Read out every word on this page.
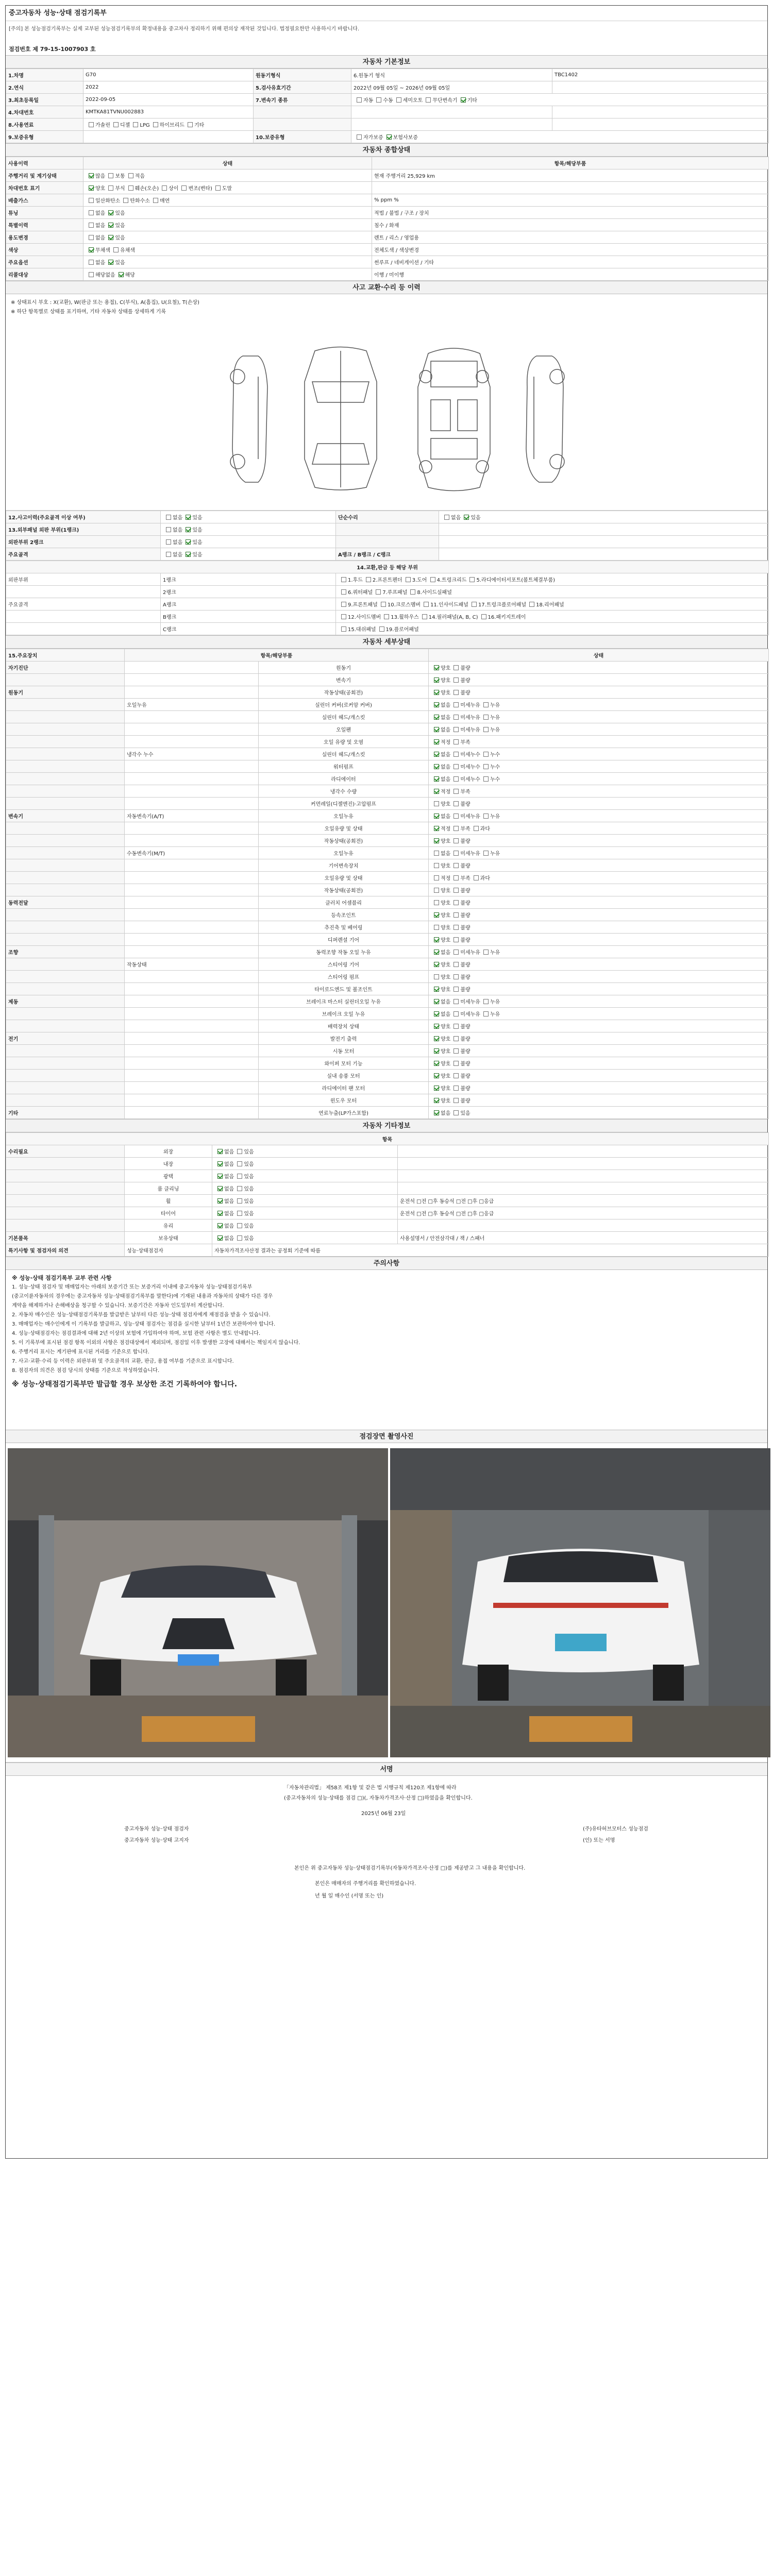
중고자동차 성능·상태 점검기록부
[주의] 본 성능점검기록부는 실제 교부된 성능점검기록부의 확정내용을 중고차사 정리하기 위해 편의상 재작된 것입니다. 법정필요한만 사용하시기 바랍니다.
점검번호 제 79-15-1007903 호
자동차 기본정보
1.차명	G70	원동기형식	6.원동기 형식	TBC1402
2.연식	2022	5.검사유효기간	2022년 09월 05일 ~ 2026년 09월 05일	
3.최초등록일	2022-09-05	7.변속기 종류	자동 수동 세미오토 무단변속기 기타	
4.차대번호	KMTKA81TVNU002883			
8.사용연료	가솔린 디젤 LPG 하이브리드 기타			
9.보증유형		10.보증유형	자가보증 보험사보증	
자동차 종합상태
사용이력	상태	항목/해당부품
주행거리 및 계기상태	많음 보통 적음	현재 주행거리 25,929 km
차대번호 표기	양호 부식 훼손(오손) 상이 변조(변타) 도말	
배출가스	일산화탄소 탄화수소 매연	% ppm %
튜닝	없음 있음	적법 / 불법 / 구조 / 장치
특별이력	없음 있음	침수 / 화재
용도변경	없음 있음	렌트 / 리스 / 영업용
색상	무채색 유채색	전체도색 / 색상변경
주요옵션	없음 있음	썬루프 / 네비게이션 / 기타
리콜대상	해당없음 해당	이행 / 미이행
사고 교환·수리 등 이력
※ 상태표시 부호 : X(교환), W(판금 또는 용접), C(부식), A(흠집), U(요철), T(손상)
※ 하단 항목별로 상태를 표기하며, 기타 자동차 상태를 상세하게 기록
12.사고이력(주요골격 이상 여부)	없음 있음	단순수리	없음 있음
13.외부패널 외판 부위(1랭크)	없음 있음		
외판부위 2랭크	없음 있음		
주요골격	없음 있음	A랭크 / B랭크 / C랭크	
14.교환,판금 등 해당 부위		
외판부위	1랭크	1.후드 2.프론트펜더 3.도어 4.트렁크리드 5.라디에이터서포트(볼트체결부품)
	2랭크	6.쿼터패널 7.루프패널 8.사이드실패널
주요골격	A랭크	9.프론트패널 10.크로스멤버 11.인사이드패널 17.트렁크플로어패널 18.리어패널
	B랭크	12.사이드멤버 13.휠하우스 14.필러패널(A, B, C) 16.패키지트레이
	C랭크	15.대쉬패널 19.플로어패널
자동차 세부상태
15.주요장치	항목/해당부품		상태
자기진단		원동기	양호 불량
		변속기	양호 불량
원동기		작동상태(공회전)	양호 불량
	오일누유	실린더 커버(로커암 커버)	없음 미세누유 누유
		실린더 헤드/개스킷	없음 미세누유 누유
		오일팬	없음 미세누유 누유
		오일 유량 및 오염	적정 부족
	냉각수 누수	실린더 헤드/개스킷	없음 미세누수 누수
		워터펌프	없음 미세누수 누수
		라디에이터	없음 미세누수 누수
		냉각수 수량	적정 부족
		커먼레일(디젤엔진)·고압펌프	양호 불량
변속기	자동변속기(A/T)	오일누유	없음 미세누유 누유
		오일유량 및 상태	적정 부족 과다
		작동상태(공회전)	양호 불량
	수동변속기(M/T)	오일누유	없음 미세누유 누유
		기어변속장치	양호 불량
		오일유량 및 상태	적정 부족 과다
		작동상태(공회전)	양호 불량
동력전달		클러치 어셈블리	양호 불량
		등속조인트	양호 불량
		추진축 및 베어링	양호 불량
		디퍼렌셜 기어	양호 불량
조향		동력조향 작동 오일 누유	없음 미세누유 누유
	작동상태	스티어링 기어	양호 불량
		스티어링 펌프	양호 불량
		타이로드엔드 및 볼조인트	양호 불량
제동		브레이크 마스터 실린더오일 누유	없음 미세누유 누유
		브레이크 오일 누유	없음 미세누유 누유
		배력장치 상태	양호 불량
전기		발전기 출력	양호 불량
		시동 모터	양호 불량
		와이퍼 모터 기능	양호 불량
		실내 송풍 모터	양호 불량
		라디에이터 팬 모터	양호 불량
		윈도우 모터	양호 불량
기타		연료누출(LP가스포함)	없음 있음
자동차 기타정보
항목			
수리필요	외장	없음 있음	
	내장	없음 있음	
	광택	없음 있음	
	룸 클리닝	없음 있음	
	휠	없음 있음	운전석 □전 □후 동승석 □전 □후 □응급
	타이어	없음 있음	운전석 □전 □후 동승석 □전 □후 □응급
	유리	없음 있음	
기본품목	보유상태	없음 있음	사용설명서 / 안전삼각대 / 잭 / 스패너
특기사항 및 점검자의 의견	성능·상태점검자	자동차가격조사산정 결과는 공정회 기준에 따름	
주의사항

※ 성능·상태 점검기록부 교부 관련 사항

1. 성능·상태 점검자 및 매매업자는 아래의 보증기간 또는 보증거리 이내에 중고자동차 성능·상태점검기록부

(중고이륜자동차의 경우에는 중고자동차 성능·상태점검기록부를 말한다)에 기재된 내용과 자동차의 상태가 다른 경우

계약을 해제하거나 손해배상을 청구할 수 있습니다. 보증기간은 자동차 인도일부터 계산합니다.

2. 자동차 매수인은 성능·상태점검기록부를 발급받은 날부터 다른 성능·상태 점검자에게 재점검을 받을 수 있습니다.

3. 매매업자는 매수인에게 이 기록부를 발급하고, 성능·상태 점검자는 점검을 실시한 날부터 1년간 보관하여야 합니다.

4. 성능·상태점검자는 점검결과에 대해 2년 이상의 보험에 가입하여야 하며, 보험 관련 사항은 별도 안내합니다.

5. 이 기록부에 표시된 점검 항목 이외의 사항은 점검대상에서 제외되며, 점검일 이후 발생한 고장에 대해서는 책임지지 않습니다.

6. 주행거리 표시는 계기판에 표시된 거리를 기준으로 합니다.

7. 사고·교환·수리 등 이력은 외판부위 및 주요골격의 교환, 판금, 용접 여부를 기준으로 표시합니다.

8. 점검자의 의견은 점검 당시의 상태를 기준으로 작성하였습니다.

※ 성능·상태점검기록부만 발급할 경우 보상한 조건 기록하여야 합니다.

점검장면 촬영사진
서명
「자동차관리법」 제58조 제1항 및 같은 법 시행규칙 제120조 제1항에 따라
(중고자동차의 성능·상태를 점검 □)(, 자동차가격조사·산정 □)하였음을 확인합니다.
2025년 06월 23일
중고자동차 성능·상태 점검자	(주)유타허브모터스 성능점검
중고자동차 성능·상태 고지자	(인) 또는 서명
본인은 위 중고자동차 성능·상태점검기록부(자동차가격조사·산정 □)를 제공받고 그 내용을 확인합니다.
본인은 매매자의 주행거리를 확인하였습니다.
년 월 일 매수인 (서명 또는 인)
